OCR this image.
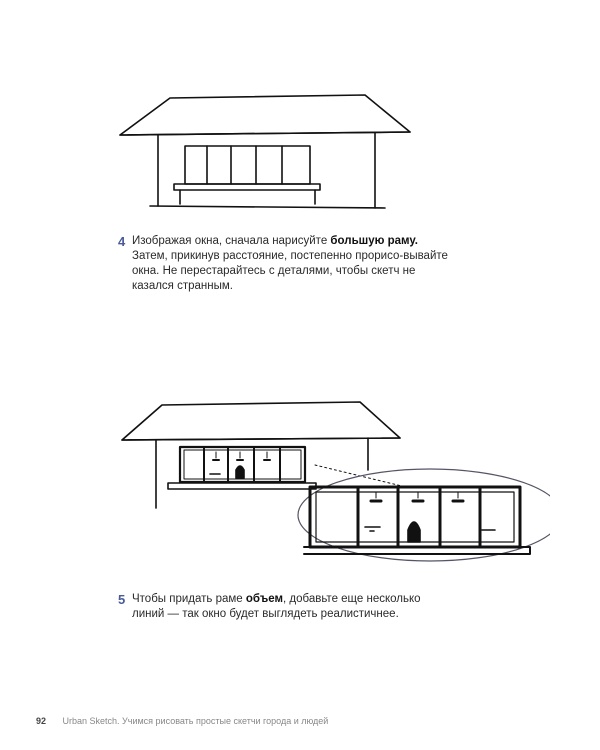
4 Изображая окна, сначала нарисуйте большую раму. Затем, прикинув расстояние, постепенно прорисо-вывайте окна. Не перестарайтесь с деталями, чтобы скетч не казался странным.
5 Чтобы придать раме объем, добавьте еще несколько линий — так окно будет выглядеть реалистичнее.
92 Urban Sketch. Учимся рисовать простые скетчи города и людей
